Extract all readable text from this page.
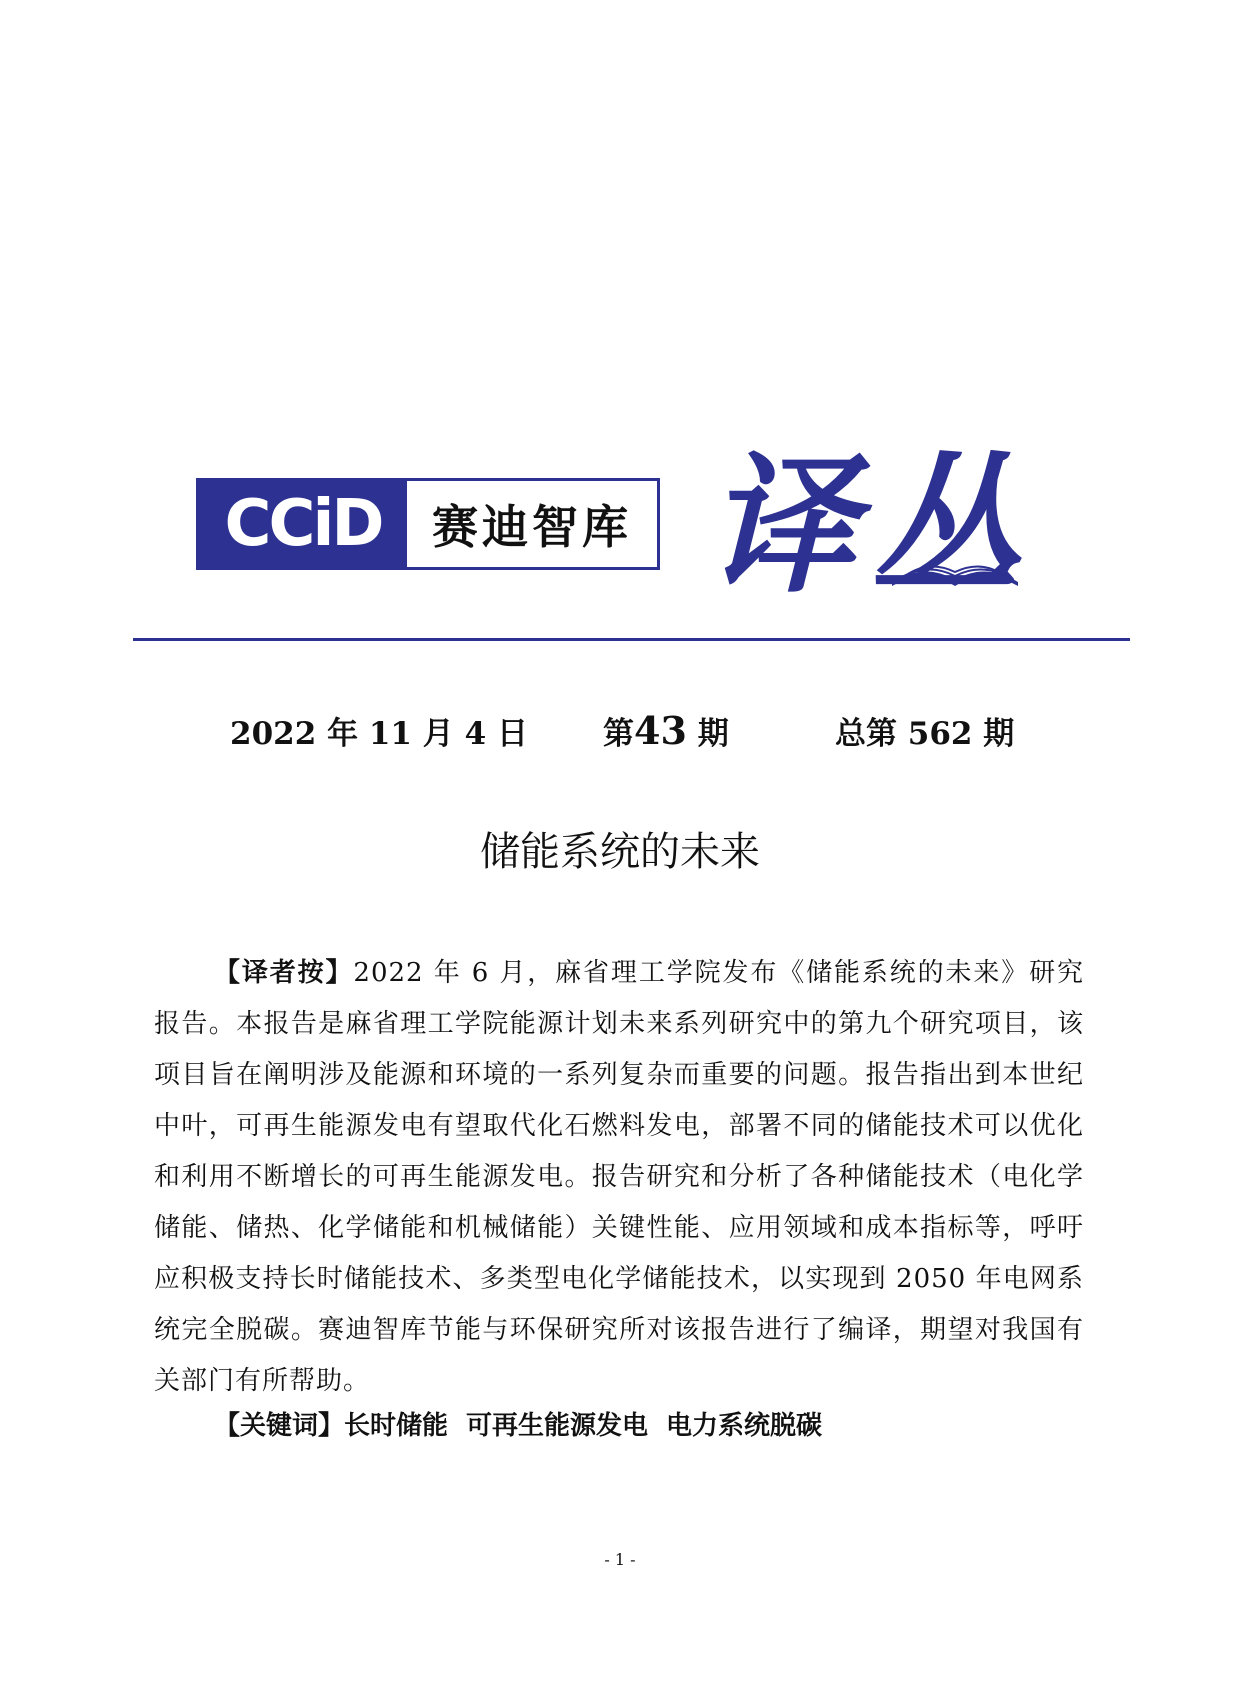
CCiD	赛迪智库 译丛
2022 年 11 月 4 日 第43 期	总第 562 期
储能系统的未来
【译者按】2022 年 6 月，麻省理工学院发布《储能系统的未来》研究报告。本报告是麻省理工学院能源计划未来系列研究中的第九个研究项目，该项目旨在阐明涉及能源和环境的一系列复杂而重要的问题。报告指出到本世纪中叶，可再生能源发电有望取代化石燃料发电，部署不同的储能技术可以优化和利用不断增长的可再生能源发电。报告研究和分析了各种储能技术（电化学储能、储热、化学储能和机械储能）关键性能、应用领域和成本指标等，呼吁应积极支持长时储能技术、多类型电化学储能技术，以实现到 2050 年电网系统完全脱碳。赛迪智库节能与环保研究所对该报告进行了编译，期望对我国有关部门有所帮助。
【关键词】长时储能 可再生能源发电 电力系统脱碳
- 1 -
